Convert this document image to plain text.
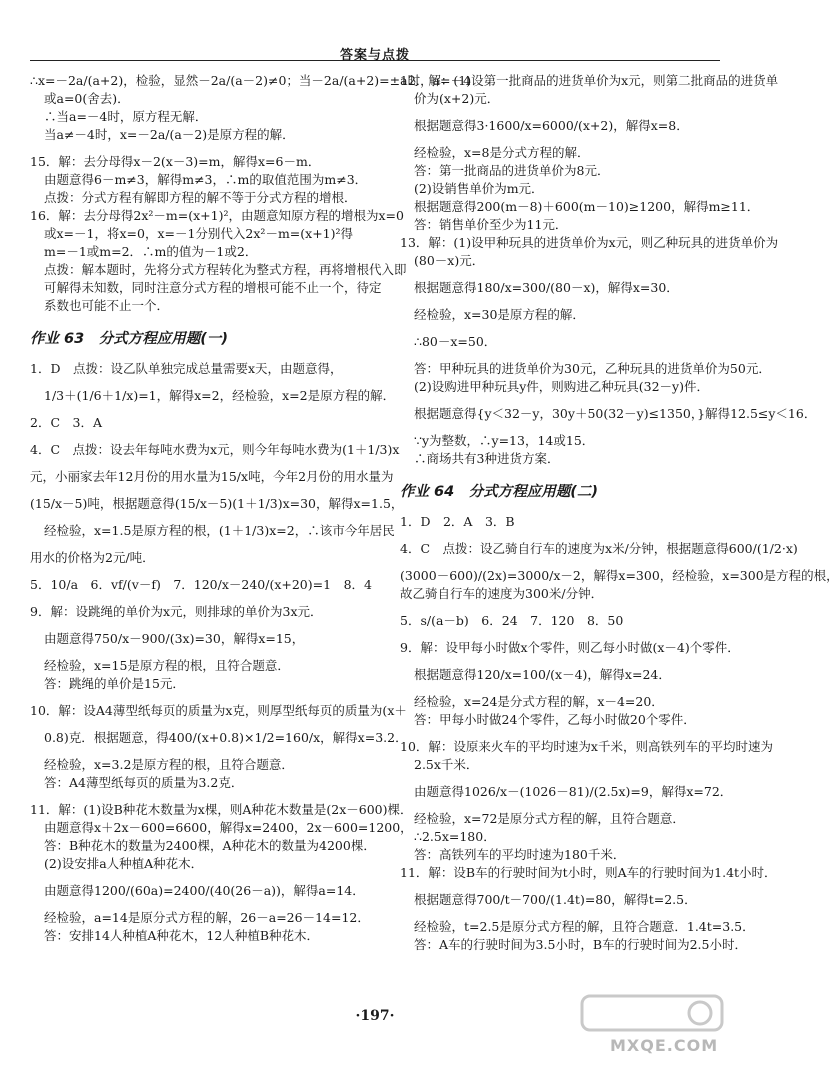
答案与点拨

∴x=－2a/(a+2)，检验，显然－2a/(a－2)≠0；当－2a/(a+2)=±a时，a=－4

或a=0(舍去)．

∴当a=－4时，原方程无解．

当a≠－4时，x=－2a/(a－2)是原方程的解．

15．解：去分母得x－2(x－3)=m，解得x=6－m．

由题意得6－m≠3，解得m≠3，∴m的取值范围为m≠3．

点拨：分式方程有解即方程的解不等于分式方程的增根．

16．解：去分母得2x²－m=(x+1)²，由题意知原方程的增根为x=0

或x=－1，将x=0，x=－1分别代入2x²－m=(x+1)²得

m=－1或m=2．∴m的值为－1或2．

点拨：解本题时，先将分式方程转化为整式方程，再将增根代入即

可解得未知数，同时注意分式方程的增根可能不止一个，待定

系数也可能不止一个．

作业 63　分式方程应用题(一)

1．D　点拨：设乙队单独完成总量需要x天，由题意得，

1/3＋(1/6＋1/x)=1，解得x=2，经检验，x=2是原方程的解．

2．C　3．A

4．C　点拨：设去年每吨水费为x元，则今年每吨水费为(1＋1/3)x

元，小丽家去年12月份的用水量为15/x吨，今年2月份的用水量为

(15/x－5)吨，根据题意得(15/x－5)(1＋1/3)x=30，解得x=1.5，

经检验，x=1.5是原方程的根，(1＋1/3)x=2，∴该市今年居民

用水的价格为2元/吨．

5．10/a　6．vf/(v－f)　7．120/x－240/(x+20)=1　8．4

9．解：设跳绳的单价为x元，则排球的单价为3x元．

由题意得750/x－900/(3x)=30，解得x=15，

经检验，x=15是原方程的根，且符合题意．

答：跳绳的单价是15元．

10．解：设A4薄型纸每页的质量为x克，则厚型纸每页的质量为(x＋

0.8)克．根据题意，得400/(x+0.8)×1/2=160/x，解得x=3.2．

经检验，x=3.2是原方程的根，且符合题意．

答：A4薄型纸每页的质量为3.2克．

11．解：(1)设B种花木数量为x棵，则A种花木数量是(2x－600)棵．

由题意得x＋2x－600=6600，解得x=2400，2x－600=1200，

答：B种花木的数量为2400棵，A种花木的数量为4200棵．

(2)设安排a人种植A种花木．

由题意得1200/(60a)=2400/(40(26－a))，解得a=14．

经检验，a=14是原分式方程的解，26－a=26－14=12．

答：安排14人种植A种花木，12人种植B种花木．

12．解：(1)设第一批商品的进货单价为x元，则第二批商品的进货单

价为(x+2)元．

根据题意得3·1600/x=6000/(x+2)，解得x=8．

经检验，x=8是分式方程的解．

答：第一批商品的进货单价为8元．

(2)设销售单价为m元．

根据题意得200(m－8)＋600(m－10)≥1200，解得m≥11．

答：销售单价至少为11元．

13．解：(1)设甲种玩具的进货单价为x元，则乙种玩具的进货单价为

(80－x)元．

根据题意得180/x=300/(80－x)，解得x=30．

经检验，x=30是原方程的解．

∴80－x=50．

答：甲种玩具的进货单价为30元，乙种玩具的进货单价为50元．

(2)设购进甲种玩具y件，则购进乙种玩具(32－y)件．

根据题意得{y＜32－y，30y＋50(32－y)≤1350，}解得12.5≤y＜16．

∵y为整数，∴y=13，14或15．

∴商场共有3种进货方案．

作业 64　分式方程应用题(二)

1．D　2．A　3．B

4．C　点拨：设乙骑自行车的速度为x米/分钟，根据题意得600/(1/2·x)

(3000－600)/(2x)=3000/x－2，解得x=300，经检验，x=300是方程的根，

故乙骑自行车的速度为300米/分钟．

5．s/(a－b)　6．24　7．120　8．50

9．解：设甲每小时做x个零件，则乙每小时做(x－4)个零件．

根据题意得120/x=100/(x－4)，解得x=24．

经检验，x=24是分式方程的解，x－4=20．

答：甲每小时做24个零件，乙每小时做20个零件．

10．解：设原来火车的平均时速为x千米，则高铁列车的平均时速为

2.5x千米．

由题意得1026/x－(1026－81)/(2.5x)=9，解得x=72．

经检验，x=72是原分式方程的解，且符合题意．

∴2.5x=180．

答：高铁列车的平均时速为180千米．

11．解：设B车的行驶时间为t小时，则A车的行驶时间为1.4t小时．

根据题意得700/t－700/(1.4t)=80，解得t=2.5．

经检验，t=2.5是原分式方程的解，且符合题意．1.4t=3.5．

答：A车的行驶时间为3.5小时，B车的行驶时间为2.5小时．

·197·
MXQE.COM
